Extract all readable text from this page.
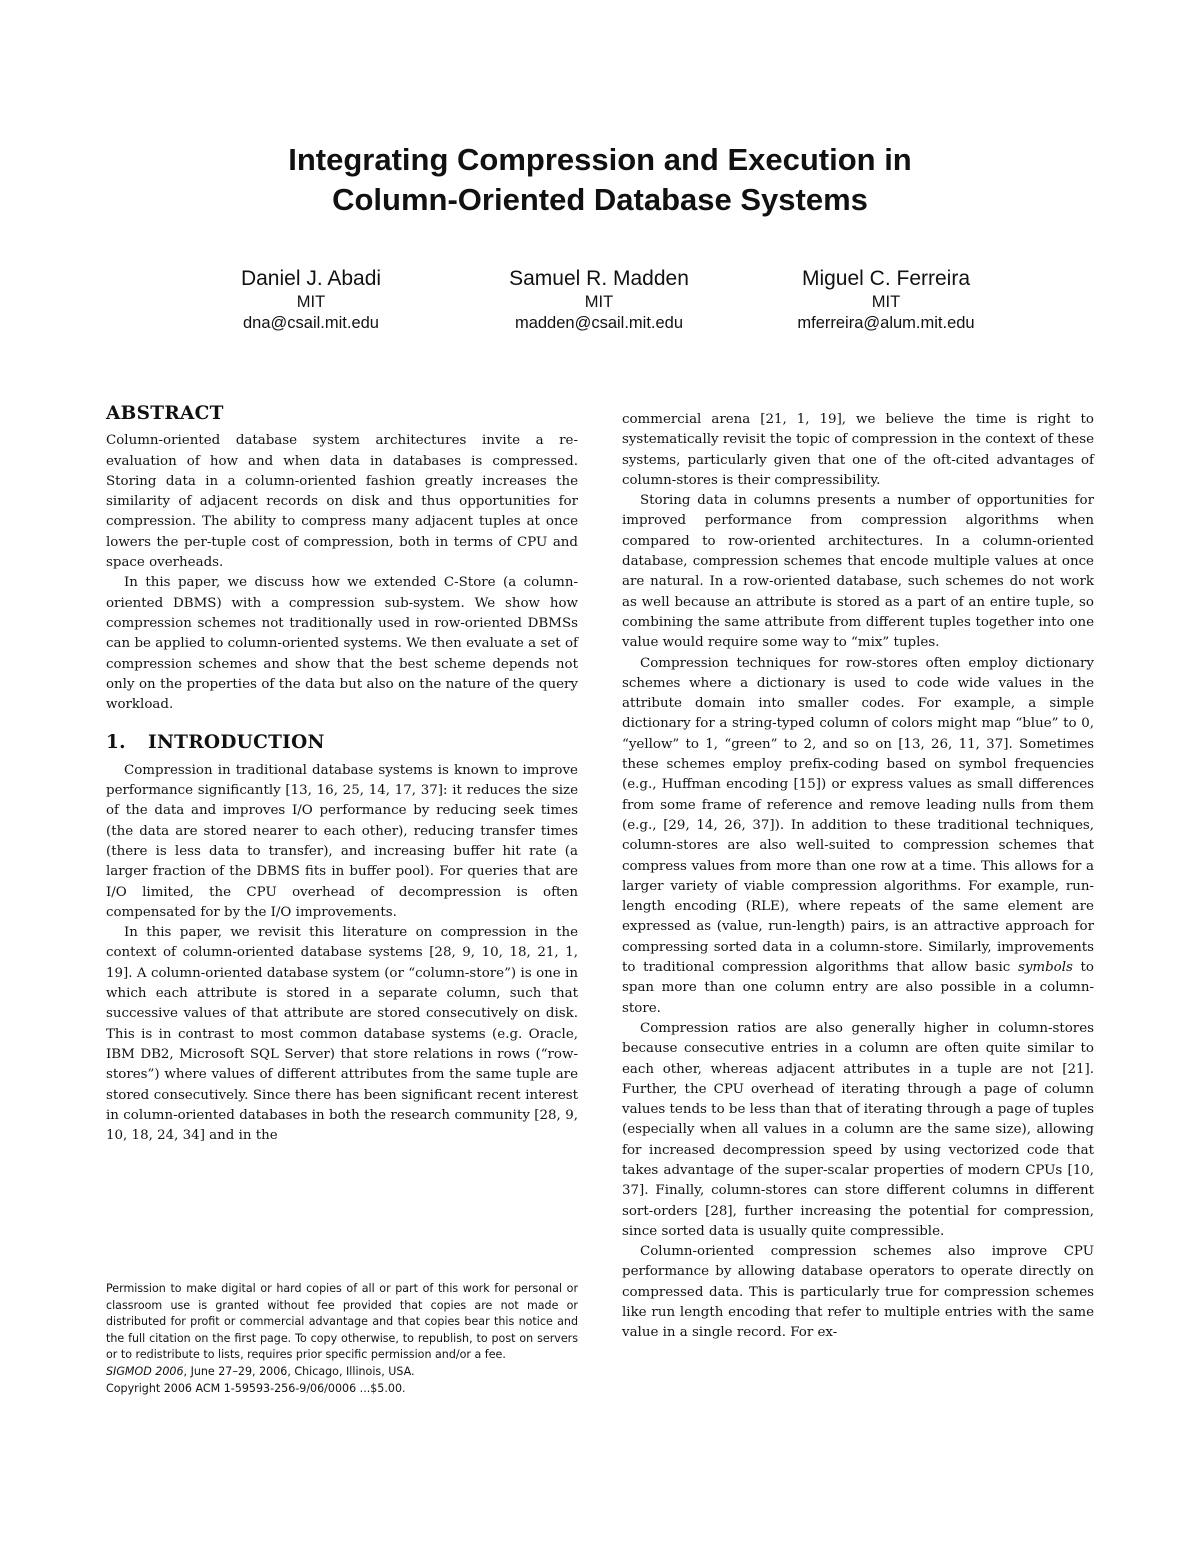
Integrating Compression and Execution in
Column-Oriented Database Systems
Daniel J. Abadi
MIT
dna@csail.mit.edu
Samuel R. Madden
MIT
madden@csail.mit.edu
Miguel C. Ferreira
MIT
mferreira@alum.mit.edu
ABSTRACT

Column-oriented database system architectures invite a re-evaluation of how and when data in databases is compressed. Storing data in a column-oriented fashion greatly increases the similarity of adjacent records on disk and thus opportunities for compression. The ability to compress many adjacent tuples at once lowers the per-tuple cost of compression, both in terms of CPU and space overheads.

In this paper, we discuss how we extended C-Store (a column-oriented DBMS) with a compression sub-system. We show how compression schemes not traditionally used in row-oriented DBMSs can be applied to column-oriented systems. We then evaluate a set of compression schemes and show that the best scheme depends not only on the properties of the data but also on the nature of the query workload.

1. INTRODUCTION

Compression in traditional database systems is known to improve performance significantly [13, 16, 25, 14, 17, 37]: it reduces the size of the data and improves I/O performance by reducing seek times (the data are stored nearer to each other), reducing transfer times (there is less data to transfer), and increasing buffer hit rate (a larger fraction of the DBMS fits in buffer pool). For queries that are I/O limited, the CPU overhead of decompression is often compensated for by the I/O improvements.

In this paper, we revisit this literature on compression in the context of column-oriented database systems [28, 9, 10, 18, 21, 1, 19]. A column-oriented database system (or “column-store”) is one in which each attribute is stored in a separate column, such that successive values of that attribute are stored consecutively on disk. This is in contrast to most common database systems (e.g. Oracle, IBM DB2, Microsoft SQL Server) that store relations in rows (“row-stores”) where values of different attributes from the same tuple are stored consecutively. Since there has been significant recent interest in column-oriented databases in both the research community [28, 9, 10, 18, 24, 34] and in the

Permission to make digital or hard copies of all or part of this work for personal or classroom use is granted without fee provided that copies are not made or distributed for profit or commercial advantage and that copies bear this notice and the full citation on the first page. To copy otherwise, to republish, to post on servers or to redistribute to lists, requires prior specific permission and/or a fee.

SIGMOD 2006, June 27–29, 2006, Chicago, Illinois, USA.

Copyright 2006 ACM 1-59593-256-9/06/0006 ...$5.00.

commercial arena [21, 1, 19], we believe the time is right to systematically revisit the topic of compression in the context of these systems, particularly given that one of the oft-cited advantages of column-stores is their compressibility.

Storing data in columns presents a number of opportunities for improved performance from compression algorithms when compared to row-oriented architectures. In a column-oriented database, compression schemes that encode multiple values at once are natural. In a row-oriented database, such schemes do not work as well because an attribute is stored as a part of an entire tuple, so combining the same attribute from different tuples together into one value would require some way to “mix” tuples.

Compression techniques for row-stores often employ dictionary schemes where a dictionary is used to code wide values in the attribute domain into smaller codes. For example, a simple dictionary for a string-typed column of colors might map “blue” to 0, “yellow” to 1, “green” to 2, and so on [13, 26, 11, 37]. Sometimes these schemes employ prefix-coding based on symbol frequencies (e.g., Huffman encoding [15]) or express values as small differences from some frame of reference and remove leading nulls from them (e.g., [29, 14, 26, 37]). In addition to these traditional techniques, column-stores are also well-suited to compression schemes that compress values from more than one row at a time. This allows for a larger variety of viable compression algorithms. For example, run-length encoding (RLE), where repeats of the same element are expressed as (value, run-length) pairs, is an attractive approach for compressing sorted data in a column-store. Similarly, improvements to traditional compression algorithms that allow basic symbols to span more than one column entry are also possible in a column-store.

Compression ratios are also generally higher in column-stores because consecutive entries in a column are often quite similar to each other, whereas adjacent attributes in a tuple are not [21]. Further, the CPU overhead of iterating through a page of column values tends to be less than that of iterating through a page of tuples (especially when all values in a column are the same size), allowing for increased decompression speed by using vectorized code that takes advantage of the super-scalar properties of modern CPUs [10, 37]. Finally, column-stores can store different columns in different sort-orders [28], further increasing the potential for compression, since sorted data is usually quite compressible.

Column-oriented compression schemes also improve CPU performance by allowing database operators to operate directly on compressed data. This is particularly true for compression schemes like run length encoding that refer to multiple entries with the same value in a single record. For ex-
